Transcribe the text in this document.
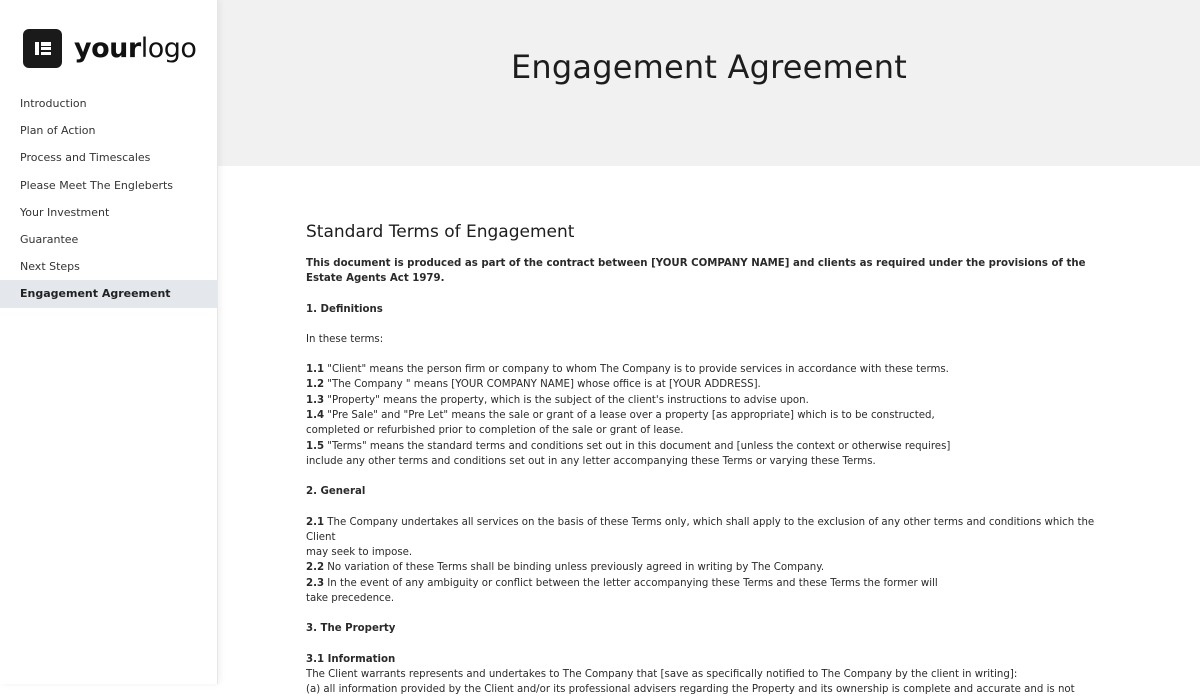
yourlogo
Introduction
Plan of Action
Process and Timescales
Please Meet The Engleberts
Your Investment
Guarantee
Next Steps
Engagement Agreement
Engagement Agreement
Standard Terms of Engagement

This document is produced as part of the contract between [YOUR COMPANY NAME] and clients as required under the provisions of the Estate Agents Act 1979.

1. Definitions

In these terms:

1.1 "Client" means the person firm or company to whom The Company is to provide services in accordance with these terms.
1.2 "The Company " means [YOUR COMPANY NAME] whose office is at [YOUR ADDRESS].
1.3 "Property" means the property, which is the subject of the client's instructions to advise upon.
1.4 "Pre Sale" and "Pre Let" means the sale or grant of a lease over a property [as appropriate] which is to be constructed,
completed or refurbished prior to completion of the sale or grant of lease.
1.5 "Terms" means the standard terms and conditions set out in this document and [unless the context or otherwise requires]
include any other terms and conditions set out in any letter accompanying these Terms or varying these Terms.

2. General

2.1 The Company undertakes all services on the basis of these Terms only, which shall apply to the exclusion of any other terms and conditions which the Client
may seek to impose.
2.2 No variation of these Terms shall be binding unless previously agreed in writing by The Company.
2.3 In the event of any ambiguity or conflict between the letter accompanying these Terms and these Terms the former will
take precedence.

3. The Property

3.1 Information
The Client warrants represents and undertakes to The Company that [save as specifically notified to The Company by the client in writing]:
(a) all information provided by the Client and/or its professional advisers regarding the Property and its ownership is complete and accurate and is not
